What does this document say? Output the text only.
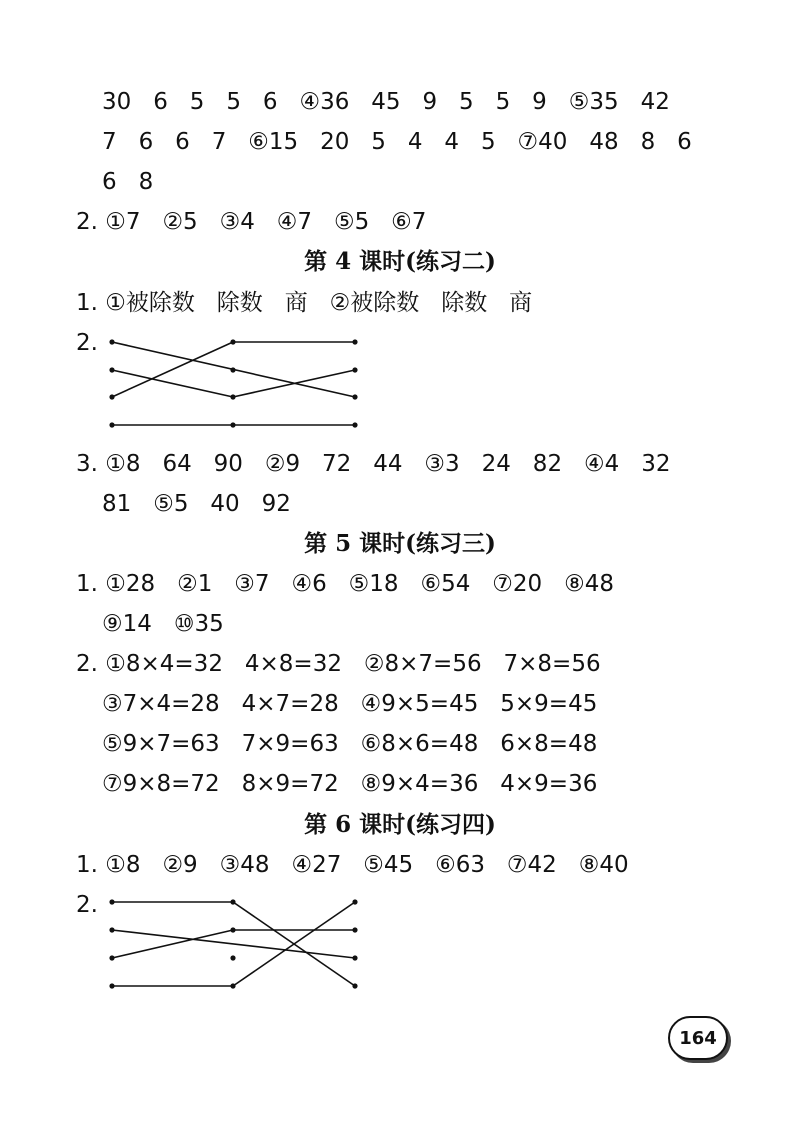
30   6   5   5   6   ④36   45   9   5   5   9   ⑤35   42
7   6   6   7   ⑥15   20   5   4   4   5   ⑦40   48   8   6
6   8
2. ①7   ②5   ③4   ④7   ⑤5   ⑥7
第 4 课时(练习二)
1. ①被除数   除数   商   ②被除数   除数   商
2.
3. ①8   64   90   ②9   72   44   ③3   24   82   ④4   32
81   ⑤5   40   92
第 5 课时(练习三)
1. ①28   ②1   ③7   ④6   ⑤18   ⑥54   ⑦20   ⑧48
⑨14   ⑩35
2. ①8×4=32   4×8=32   ②8×7=56   7×8=56
③7×4=28   4×7=28   ④9×5=45   5×9=45
⑤9×7=63   7×9=63   ⑥8×6=48   6×8=48
⑦9×8=72   8×9=72   ⑧9×4=36   4×9=36
第 6 课时(练习四)
1. ①8   ②9   ③48   ④27   ⑤45   ⑥63   ⑦42   ⑧40
2.
164
